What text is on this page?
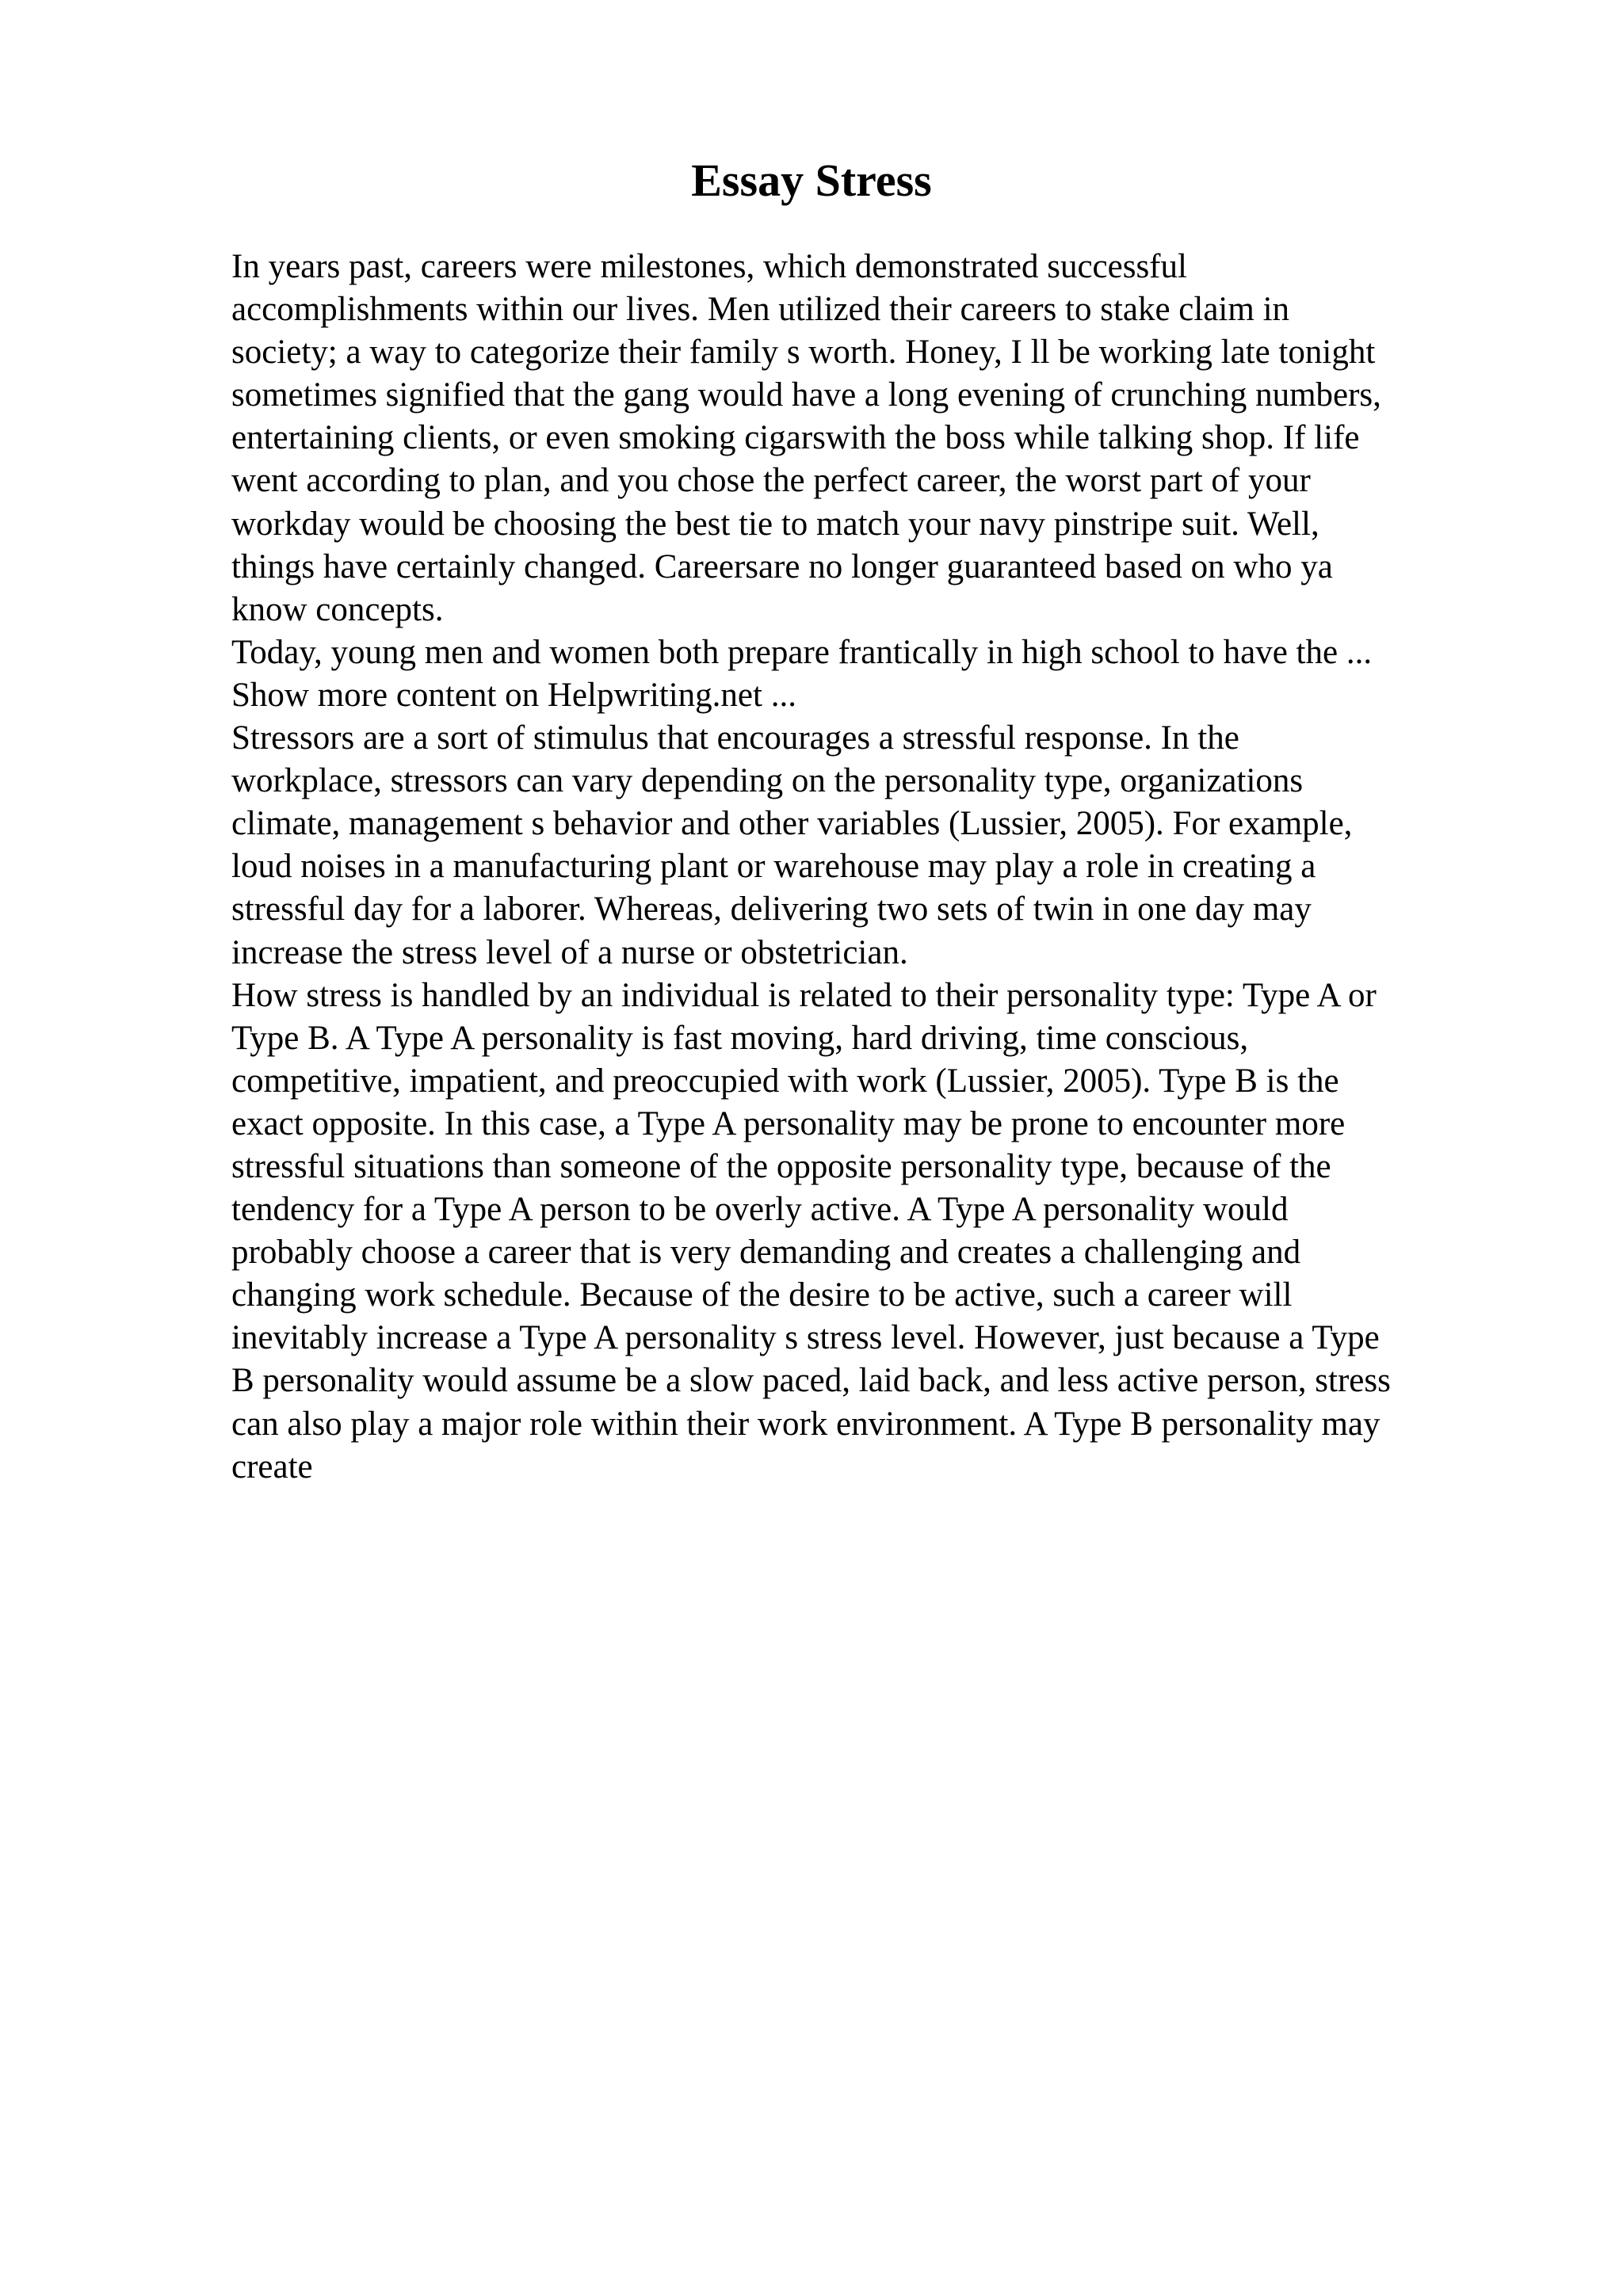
Essay Stress
In years past, careers were milestones, which demonstrated successful
accomplishments within our lives. Men utilized their careers to stake claim in
society; a way to categorize their family s worth. Honey, I ll be working late tonight
sometimes signified that the gang would have a long evening of crunching numbers,
entertaining clients, or even smoking cigarswith the boss while talking shop. If life
went according to plan, and you chose the perfect career, the worst part of your
workday would be choosing the best tie to match your navy pinstripe suit. Well,
things have certainly changed. Careersare no longer guaranteed based on who ya
know concepts.
Today, young men and women both prepare frantically in high school to have the ...
Show more content on Helpwriting.net ...
Stressors are a sort of stimulus that encourages a stressful response. In the
workplace, stressors can vary depending on the personality type, organizations
climate, management s behavior and other variables (Lussier, 2005). For example,
loud noises in a manufacturing plant or warehouse may play a role in creating a
stressful day for a laborer. Whereas, delivering two sets of twin in one day may
increase the stress level of a nurse or obstetrician.
How stress is handled by an individual is related to their personality type: Type A or
Type B. A Type A personality is fast moving, hard driving, time conscious,
competitive, impatient, and preoccupied with work (Lussier, 2005). Type B is the
exact opposite. In this case, a Type A personality may be prone to encounter more
stressful situations than someone of the opposite personality type, because of the
tendency for a Type A person to be overly active. A Type A personality would
probably choose a career that is very demanding and creates a challenging and
changing work schedule. Because of the desire to be active, such a career will
inevitably increase a Type A personality s stress level. However, just because a Type
B personality would assume be a slow paced, laid back, and less active person, stress
can also play a major role within their work environment. A Type B personality may
create
